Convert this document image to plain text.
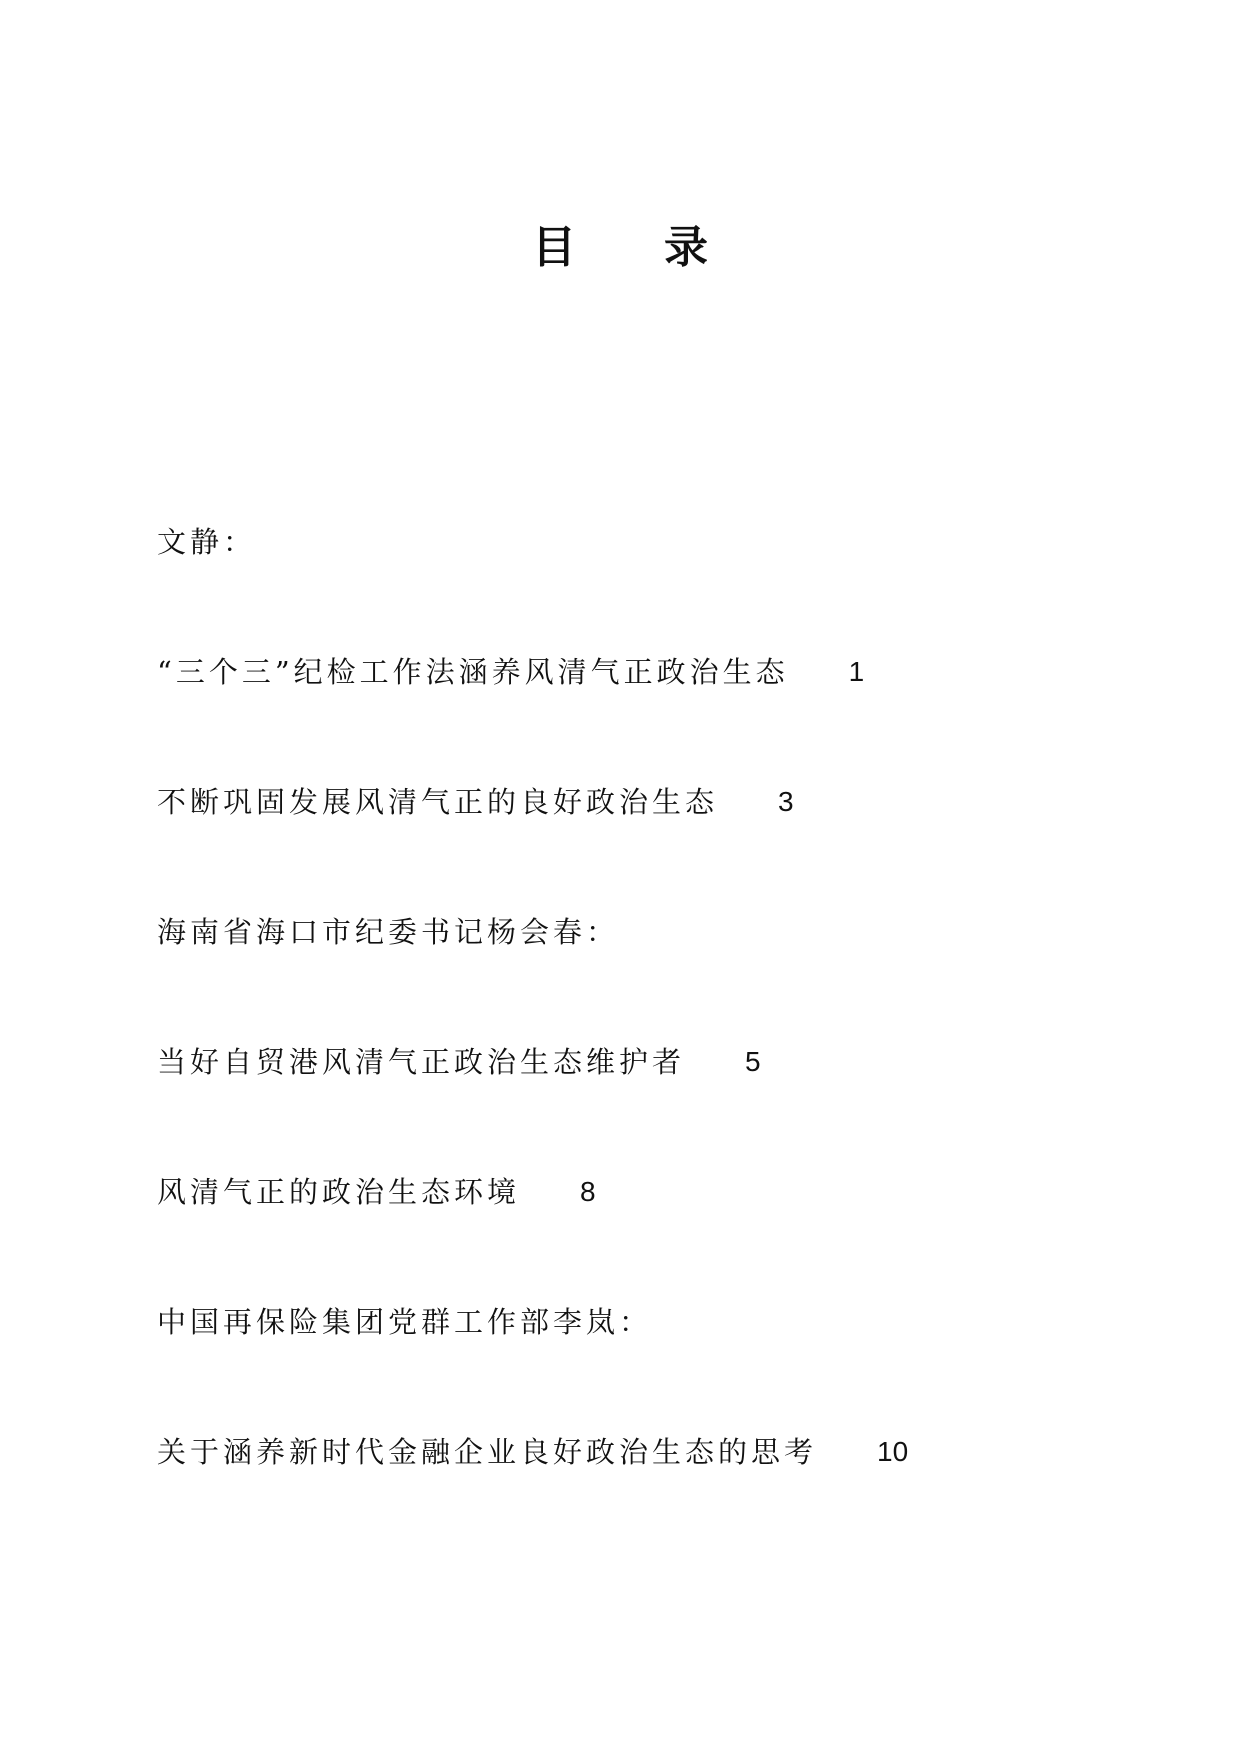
目 录
文静：
“三个三”纪检工作法涵养风清气正政治生态 1
不断巩固发展风清气正的良好政治生态 3
海南省海口市纪委书记杨会春：
当好自贸港风清气正政治生态维护者 5
风清气正的政治生态环境 8
中国再保险集团党群工作部李岚：
关于涵养新时代金融企业良好政治生态的思考 10
